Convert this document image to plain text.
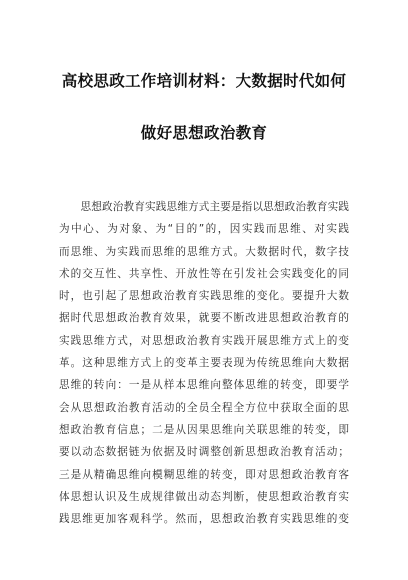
高校思政工作培训材料：大数据时代如何
做好思想政治教育
　　思想政治教育实践思维方式主要是指以思想政治教育实践
为中心、为对象、为“目的”的，因实践而思维、对实践
而思维、为实践而思维的思维方式。大数据时代，数字技
术的交互性、共享性、开放性等在引发社会实践变化的同
时，也引起了思想政治教育实践思维的变化。要提升大数
据时代思想政治教育效果，就要不断改进思想政治教育的
实践思维方式，对思想政治教育实践开展思维方式上的变
革。这种思维方式上的变革主要表现为传统思维向大数据
思维的转向：一是从样本思维向整体思维的转变，即要学
会从思想政治教育活动的全员全程全方位中获取全面的思
想政治教育信息；二是从因果思维向关联思维的转变，即
要以动态数据链为依据及时调整创新思想政治教育活动；
三是从精确思维向模糊思维的转变，即对思想政治教育客
体思想认识及生成规律做出动态判断，使思想政治教育实
践思维更加客观科学。然而，思想政治教育实践思维的变
